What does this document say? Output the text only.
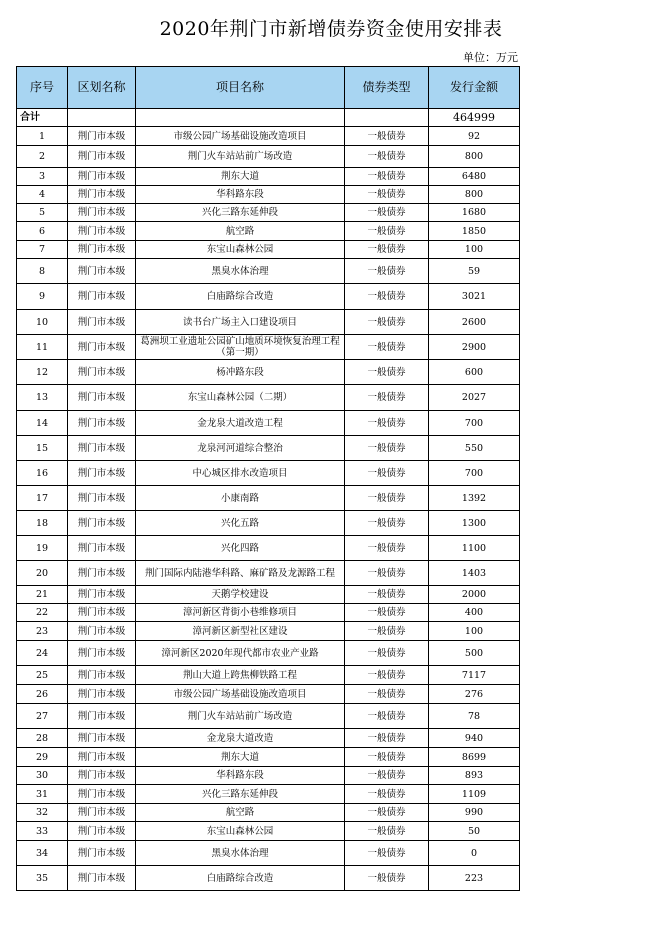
2020年荆门市新增债券资金使用安排表
单位：万元
序号	区划名称	项目名称	债券类型	发行金额
合计				464999
1	荆门市本级	市级公园广场基础设施改造项目	一般债券	92
2	荆门市本级	荆门火车站站前广场改造	一般债券	800
3	荆门市本级	荆东大道	一般债券	6480
4	荆门市本级	华科路东段	一般债券	800
5	荆门市本级	兴化三路东延伸段	一般债券	1680
6	荆门市本级	航空路	一般债券	1850
7	荆门市本级	东宝山森林公园	一般债券	100
8	荆门市本级	黑臭水体治理	一般债券	59
9	荆门市本级	白庙路综合改造	一般债券	3021
10	荆门市本级	读书台广场主入口建设项目	一般债券	2600
11	荆门市本级	葛洲坝工业遗址公园矿山地质环境恢复治理工程（第一期）	一般债券	2900
12	荆门市本级	杨冲路东段	一般债券	600
13	荆门市本级	东宝山森林公园（二期）	一般债券	2027
14	荆门市本级	金龙泉大道改造工程	一般债券	700
15	荆门市本级	龙泉河河道综合整治	一般债券	550
16	荆门市本级	中心城区排水改造项目	一般债券	700
17	荆门市本级	小康南路	一般债券	1392
18	荆门市本级	兴化五路	一般债券	1300
19	荆门市本级	兴化四路	一般债券	1100
20	荆门市本级	荆门国际内陆港华科路、麻矿路及龙源路工程	一般债券	1403
21	荆门市本级	天鹅学校建设	一般债券	2000
22	荆门市本级	漳河新区背街小巷维修项目	一般债券	400
23	荆门市本级	漳河新区新型社区建设	一般债券	100
24	荆门市本级	漳河新区2020年现代都市农业产业路	一般债券	500
25	荆门市本级	荆山大道上跨焦柳铁路工程	一般债券	7117
26	荆门市本级	市级公园广场基础设施改造项目	一般债券	276
27	荆门市本级	荆门火车站站前广场改造	一般债券	78
28	荆门市本级	金龙泉大道改造	一般债券	940
29	荆门市本级	荆东大道	一般债券	8699
30	荆门市本级	华科路东段	一般债券	893
31	荆门市本级	兴化三路东延伸段	一般债券	1109
32	荆门市本级	航空路	一般债券	990
33	荆门市本级	东宝山森林公园	一般债券	50
34	荆门市本级	黑臭水体治理	一般债券	0
35	荆门市本级	白庙路综合改造	一般债券	223
